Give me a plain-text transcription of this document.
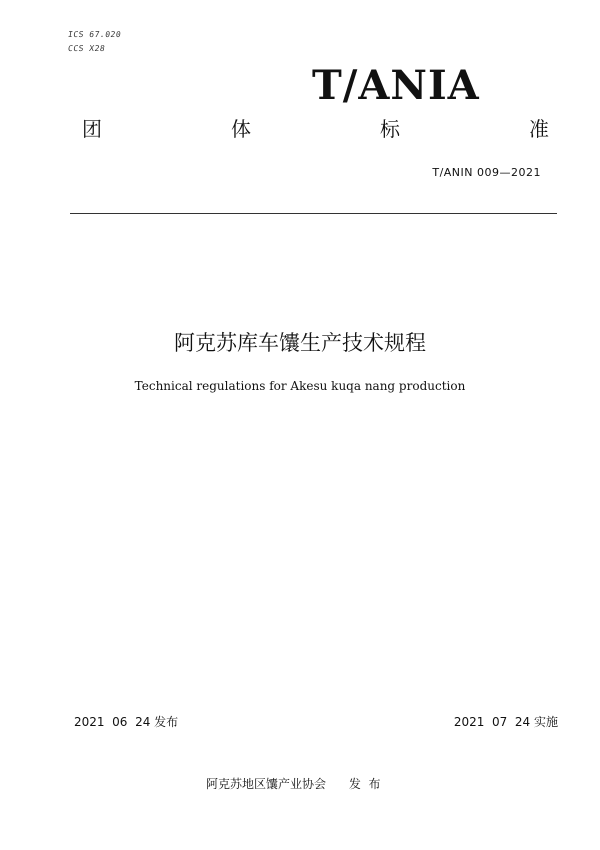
ICS 67.020
CCS X28
T/ANIA
团	体	标	准
T/ANIN 009—2021
阿克苏库车馕生产技术规程
Technical regulations for Akesu kuqa nang production
2021  06  24 发布	2021  07  24 实施
阿克苏地区馕产业协会      发  布
